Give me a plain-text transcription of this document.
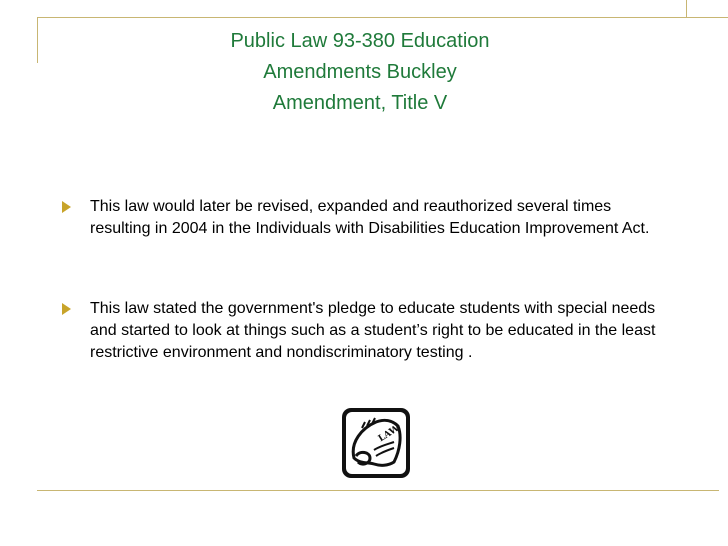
Public Law 93-380 Education
Amendments Buckley
Amendment, Title V
This law would later be revised, expanded and reauthorized several times resulting in 2004 in the Individuals with Disabilities Education Improvement Act.
This law stated the government's pledge to educate students with special needs and started to look at things such as a student’s right to be educated in the least restrictive environment and nondiscriminatory testing .
LAW
